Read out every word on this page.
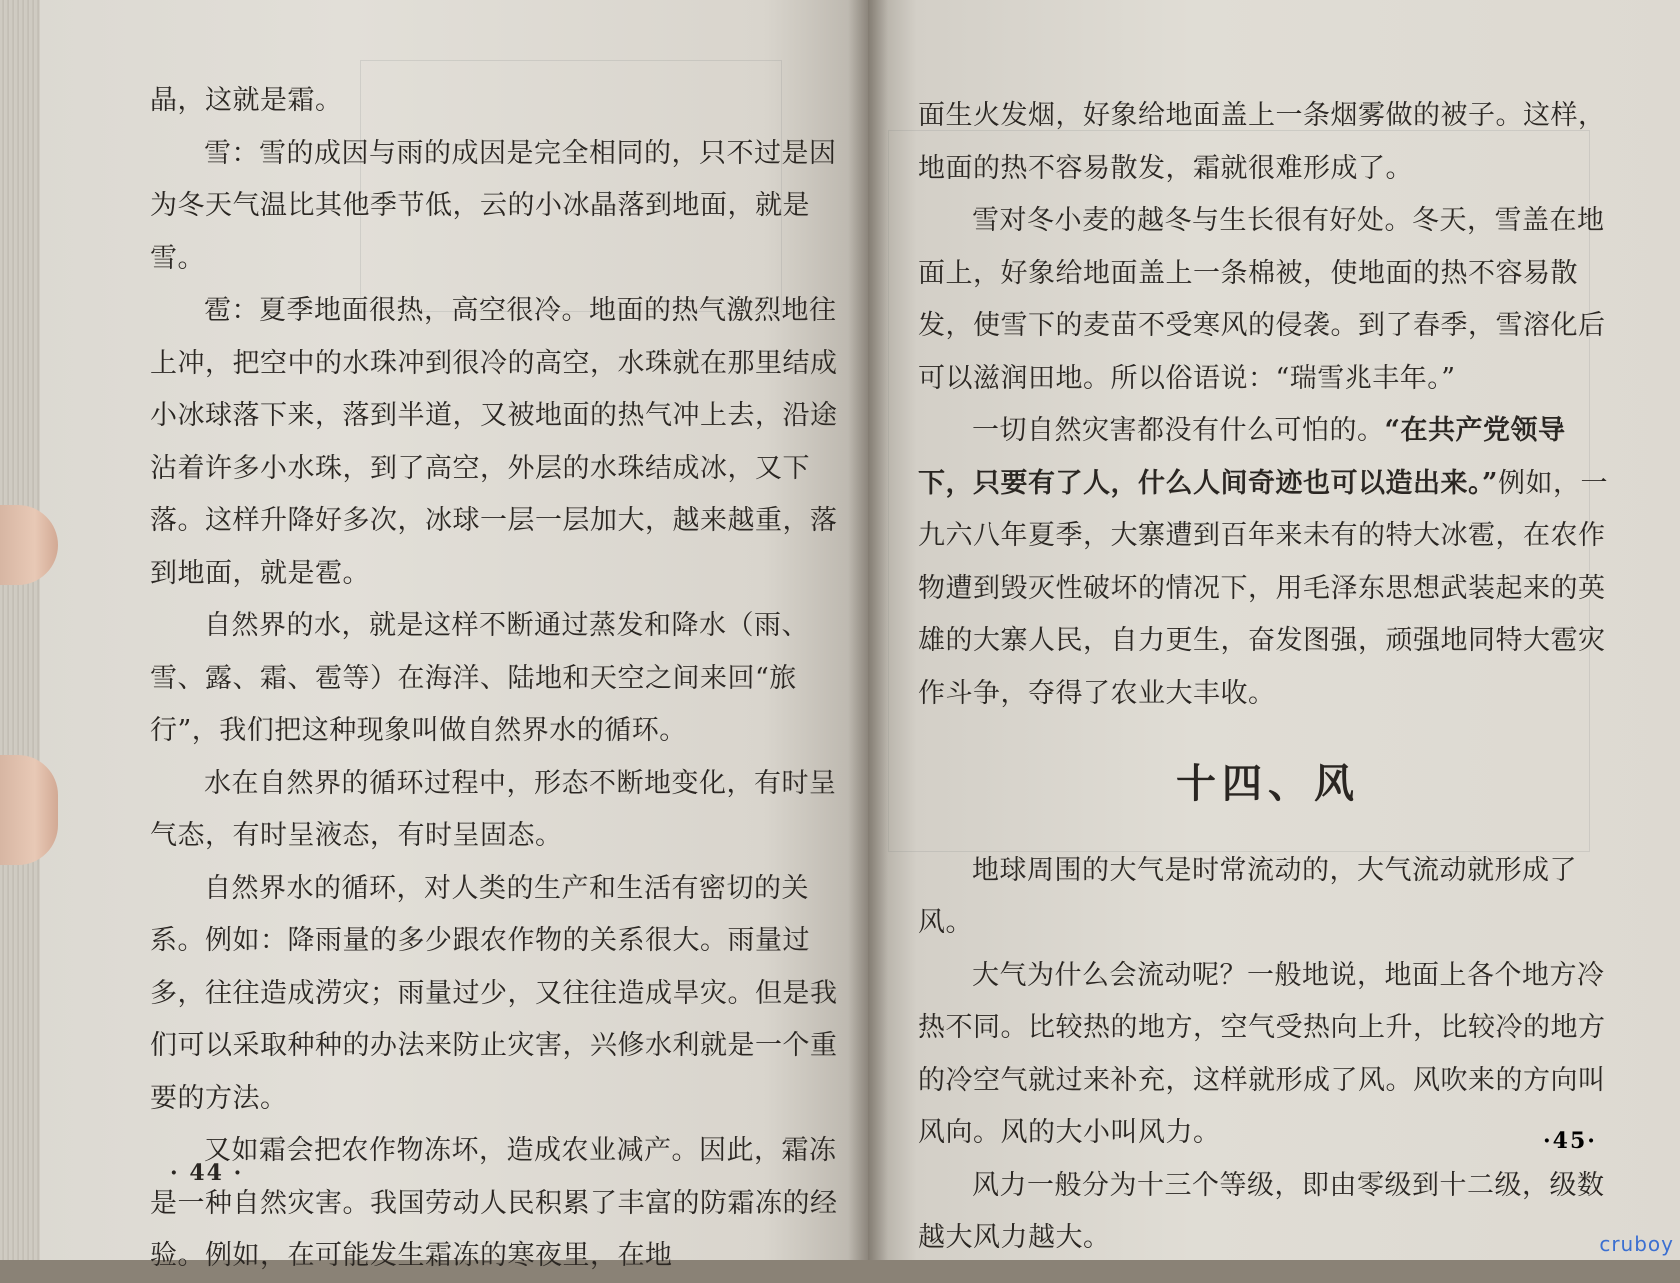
晶，这就是霜。

雪：雪的成因与雨的成因是完全相同的，只不过是因为冬天气温比其他季节低，云的小冰晶落到地面，就是雪。

雹：夏季地面很热，高空很冷。地面的热气激烈地往上冲，把空中的水珠冲到很冷的高空，水珠就在那里结成小冰球落下来，落到半道，又被地面的热气冲上去，沿途沾着许多小水珠，到了高空，外层的水珠结成冰，又下落。这样升降好多次，冰球一层一层加大，越来越重，落到地面，就是雹。

自然界的水，就是这样不断通过蒸发和降水（雨、雪、露、霜、雹等）在海洋、陆地和天空之间来回“旅行”，我们把这种现象叫做自然界水的循环。

水在自然界的循环过程中，形态不断地变化，有时呈气态，有时呈液态，有时呈固态。

自然界水的循环，对人类的生产和生活有密切的关系。例如：降雨量的多少跟农作物的关系很大。雨量过多，往往造成涝灾；雨量过少，又往往造成旱灾。但是我们可以采取种种的办法来防止灾害，兴修水利就是一个重要的方法。

又如霜会把农作物冻坏，造成农业减产。因此，霜冻是一种自然灾害。我国劳动人民积累了丰富的防霜冻的经验。例如，在可能发生霜冻的寒夜里，在地

· 44 ·

面生火发烟，好象给地面盖上一条烟雾做的被子。这样，地面的热不容易散发，霜就很难形成了。

雪对冬小麦的越冬与生长很有好处。冬天，雪盖在地面上，好象给地面盖上一条棉被，使地面的热不容易散发，使雪下的麦苗不受寒风的侵袭。到了春季，雪溶化后可以滋润田地。所以俗语说：“瑞雪兆丰年。”

一切自然灾害都没有什么可怕的。“在共产党领导下，只要有了人，什么人间奇迹也可以造出来。”例如，一九六八年夏季，大寨遭到百年来未有的特大冰雹，在农作物遭到毁灭性破坏的情况下，用毛泽东思想武装起来的英雄的大寨人民，自力更生，奋发图强，顽强地同特大雹灾作斗争，夺得了农业大丰收。

十四、风

地球周围的大气是时常流动的，大气流动就形成了风。

大气为什么会流动呢？一般地说，地面上各个地方冷热不同。比较热的地方，空气受热向上升，比较冷的地方的冷空气就过来补充，这样就形成了风。风吹来的方向叫风向。风的大小叫风力。

风力一般分为十三个等级，即由零级到十二级，级数越大风力越大。

·45·
cruboy
